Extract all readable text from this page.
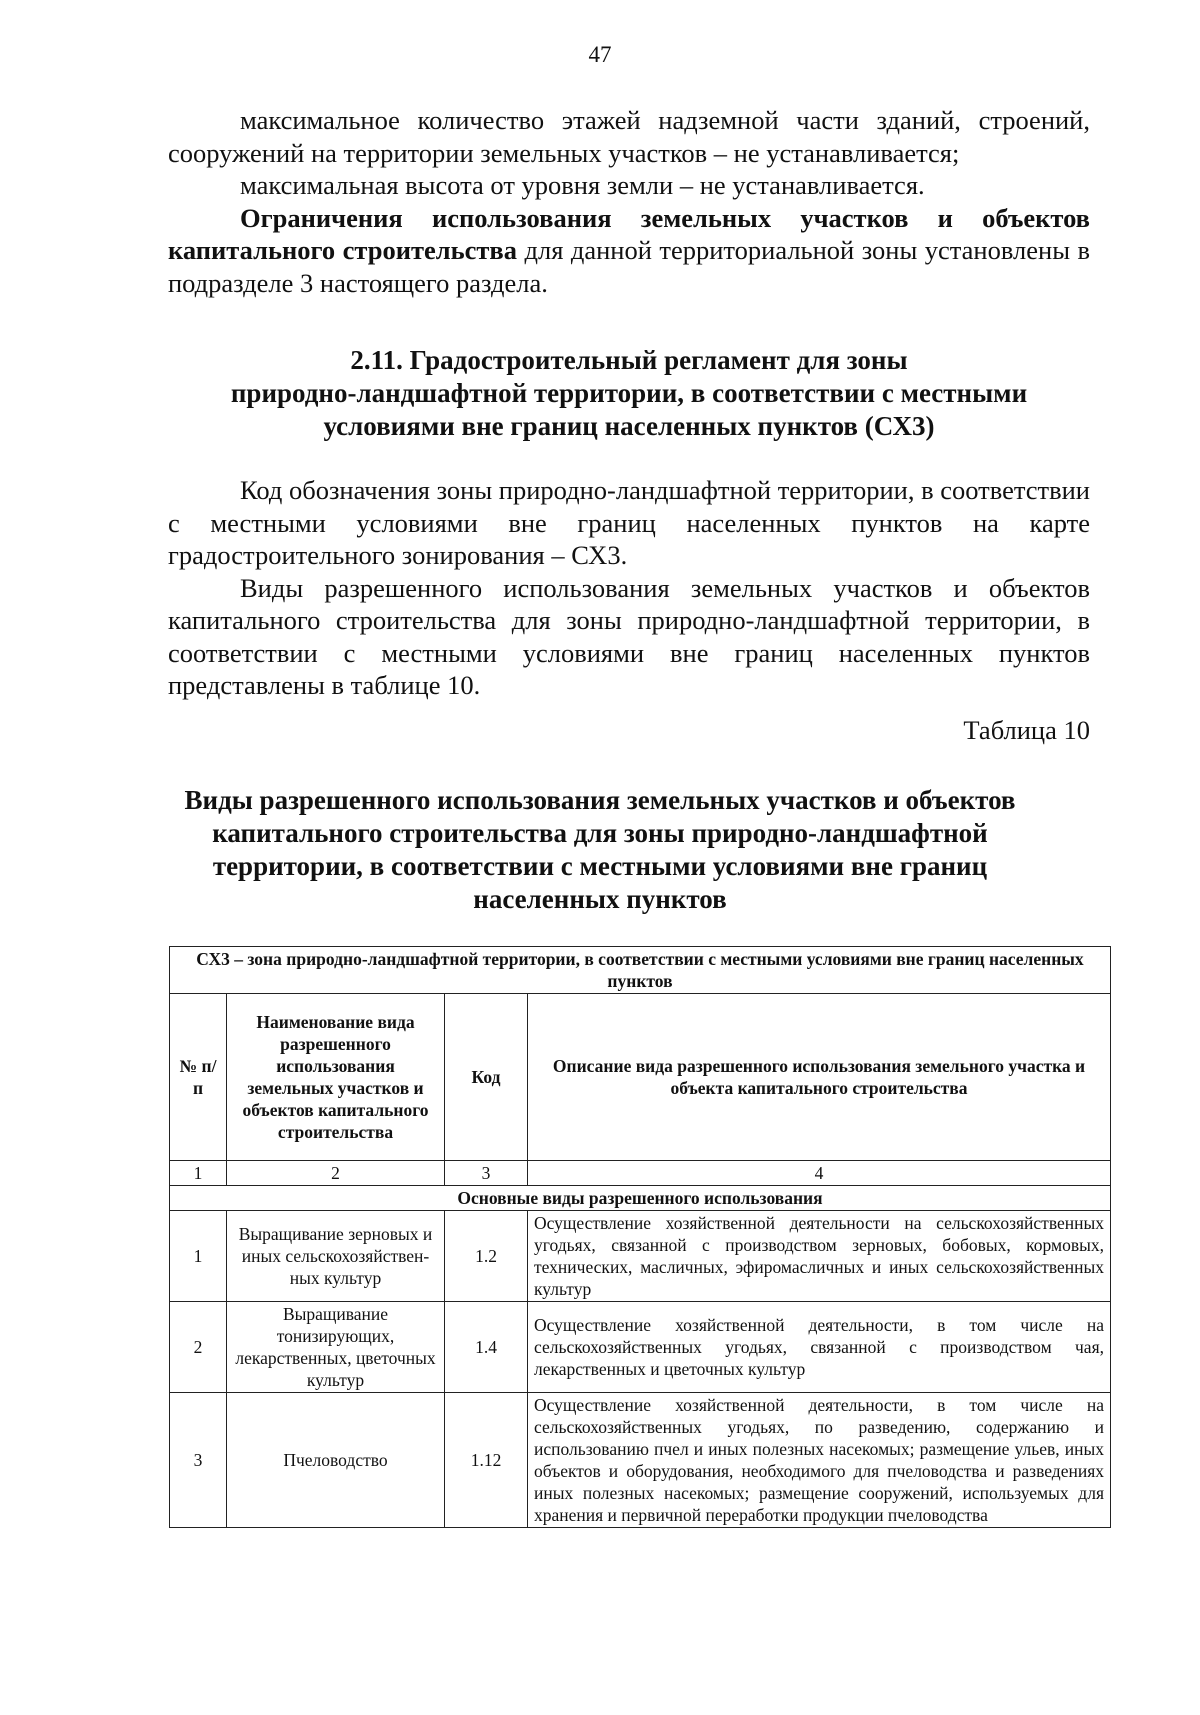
47

максимальное количество этажей надземной части зданий, строений, сооружений на территории земельных участков – не устанавливается;

максимальная высота от уровня земли – не устанавливается.

Ограничения использования земельных участков и объектов капитального строительства для данной территориальной зоны установлены в подразделе 3 настоящего раздела.

2.11. Градостроительный регламент для зоны
природно-ландшафтной территории, в соответствии с местными
условиями вне границ населенных пунктов (СХ3)

Код обозначения зоны природно-ландшафтной территории, в соответствии с местными условиями вне границ населенных пунктов на карте градостроительного зонирования – СХ3.

Виды разрешенного использования земельных участков и объектов капитального строительства для зоны природно-ландшафтной территории, в соответствии с местными условиями вне границ населенных пунктов представлены в таблице 10.

Таблица 10
Виды разрешенного использования земельных участков и объектов
капитального строительства для зоны природно-ландшафтной
территории, в соответствии с местными условиями вне границ
населенных пунктов
СХ3 – зона природно-ландшафтной территории, в соответствии с местными условиями вне границ населенных пунктов			
№ п/п	Наименование вида разрешенного использования земельных участков и объектов капитального строительства	Код	Описание вида разрешенного использования земельного участка и объекта капитального строительства
1	2	3	4
Основные виды разрешенного использования			
1	Выращивание зерновых и иных сельскохозяйствен-ных культур	1.2	Осуществление хозяйственной деятельности на сельскохозяйственных угодьях, связанной с производством зерновых, бобовых, кормовых, технических, масличных, эфиромасличных и иных сельскохозяйственных культур
2	Выращивание тонизирующих, лекарственных, цветочных культур	1.4	Осуществление хозяйственной деятельности, в том числе на сельскохозяйственных угодьях, связанной с производством чая, лекарственных и цветочных культур
3	Пчеловодство	1.12	Осуществление хозяйственной деятельности, в том числе на сельскохозяйственных угодьях, по разведению, содержанию и использованию пчел и иных полезных насекомых; размещение ульев, иных объектов и оборудования, необходимого для пчеловодства и разведениях иных полезных насекомых; размещение сооружений, используемых для хранения и первичной переработки продукции пчеловодства
